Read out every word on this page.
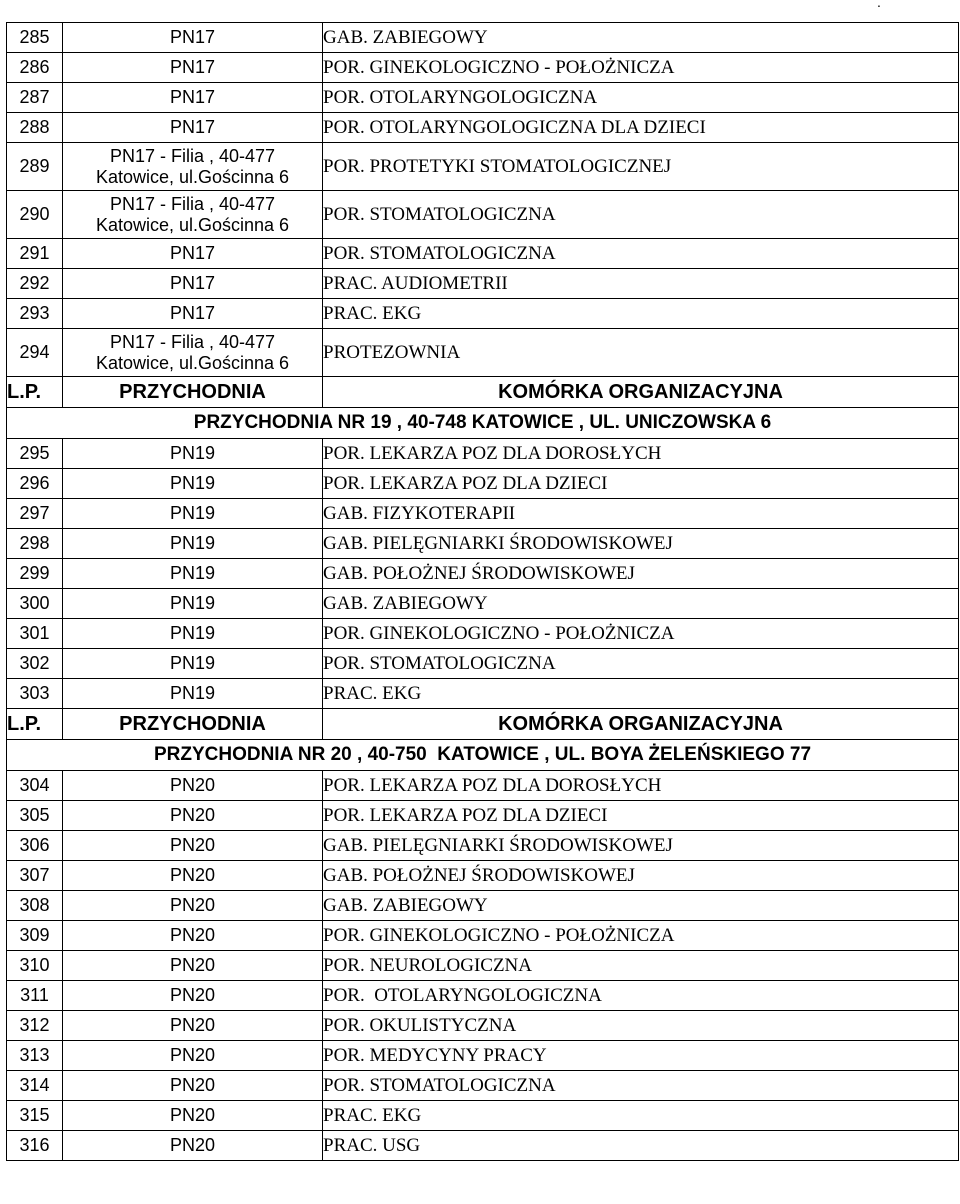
.
285	PN17	GAB. ZABIEGOWY
286	PN17	POR. GINEKOLOGICZNO - POŁOŻNICZA
287	PN17	POR. OTOLARYNGOLOGICZNA
288	PN17	POR. OTOLARYNGOLOGICZNA DLA DZIECI
289	PN17 - Filia , 40-477
Katowice, ul.Gościnna 6	POR. PROTETYKI STOMATOLOGICZNEJ
290	PN17 - Filia , 40-477
Katowice, ul.Gościnna 6	POR. STOMATOLOGICZNA
291	PN17	POR. STOMATOLOGICZNA
292	PN17	PRAC. AUDIOMETRII
293	PN17	PRAC. EKG
294	PN17 - Filia , 40-477
Katowice, ul.Gościnna 6	PROTEZOWNIA
L.P.	PRZYCHODNIA	KOMÓRKA ORGANIZACYJNA
PRZYCHODNIA NR 19 , 40-748 KATOWICE , UL. UNICZOWSKA 6		
295	PN19	POR. LEKARZA POZ DLA DOROSŁYCH
296	PN19	POR. LEKARZA POZ DLA DZIECI
297	PN19	GAB. FIZYKOTERAPII
298	PN19	GAB. PIELĘGNIARKI ŚRODOWISKOWEJ
299	PN19	GAB. POŁOŻNEJ ŚRODOWISKOWEJ
300	PN19	GAB. ZABIEGOWY
301	PN19	POR. GINEKOLOGICZNO - POŁOŻNICZA
302	PN19	POR. STOMATOLOGICZNA
303	PN19	PRAC. EKG
L.P.	PRZYCHODNIA	KOMÓRKA ORGANIZACYJNA
PRZYCHODNIA NR 20 , 40-750  KATOWICE , UL. BOYA ŻELEŃSKIEGO 77		
304	PN20	POR. LEKARZA POZ DLA DOROSŁYCH
305	PN20	POR. LEKARZA POZ DLA DZIECI
306	PN20	GAB. PIELĘGNIARKI ŚRODOWISKOWEJ
307	PN20	GAB. POŁOŻNEJ ŚRODOWISKOWEJ
308	PN20	GAB. ZABIEGOWY
309	PN20	POR. GINEKOLOGICZNO - POŁOŻNICZA
310	PN20	POR. NEUROLOGICZNA
311	PN20	POR.  OTOLARYNGOLOGICZNA
312	PN20	POR. OKULISTYCZNA
313	PN20	POR. MEDYCYNY PRACY
314	PN20	POR. STOMATOLOGICZNA
315	PN20	PRAC. EKG
316	PN20	PRAC. USG
